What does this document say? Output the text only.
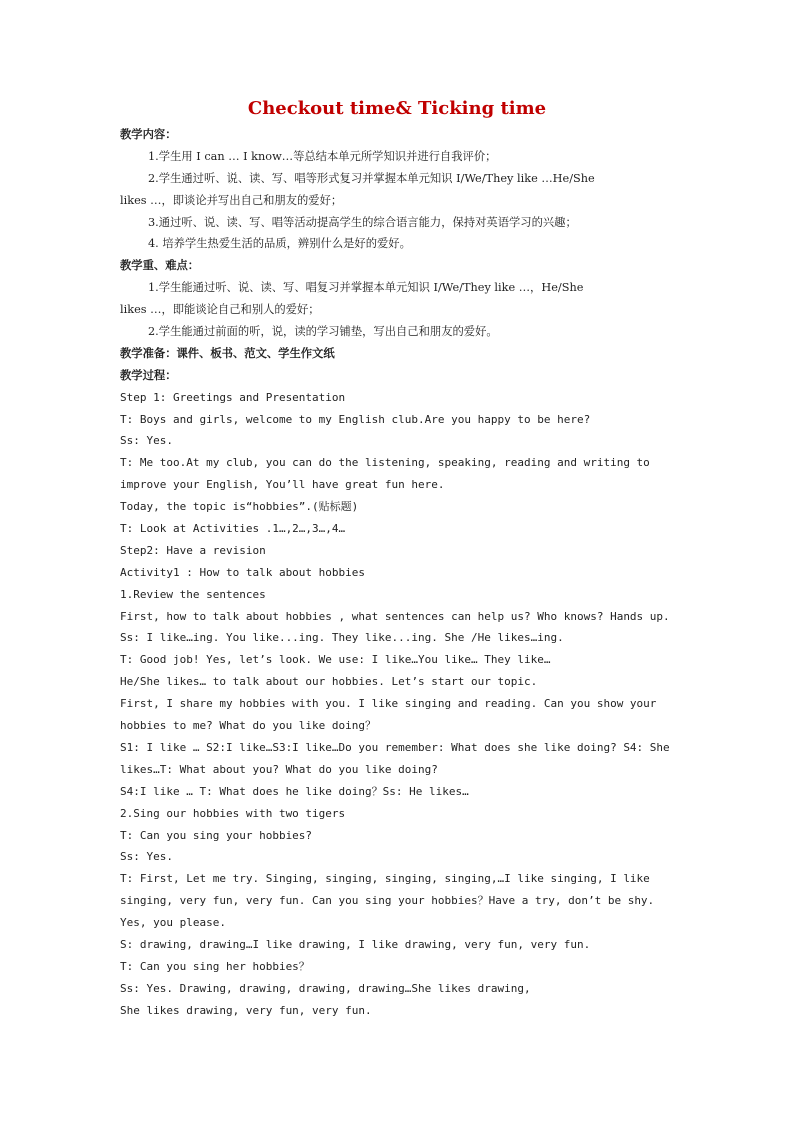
Checkout time& Ticking time
教学内容：
1.学生用 I can … I know…等总结本单元所学知识并进行自我评价；
2.学生通过听、说、读、写、唱等形式复习并掌握本单元知识 I/We/They like …He/She
likes …，即谈论并写出自己和朋友的爱好；
3.通过听、说、读、写、唱等活动提高学生的综合语言能力，保持对英语学习的兴趣；
4. 培养学生热爱生活的品质，辨别什么是好的爱好。
教学重、难点：
1.学生能通过听、说、读、写、唱复习并掌握本单元知识 I/We/They like …，He/She
likes …，即能谈论自己和别人的爱好；
2.学生能通过前面的听，说，读的学习铺垫，写出自己和朋友的爱好。
教学准备：课件、板书、范文、学生作文纸
教学过程：
Step 1: Greetings and Presentation
T: Boys and girls, welcome to my English club.Are you happy to be here?
Ss: Yes.
T: Me too.At my club, you can do the listening, speaking, reading and writing to
improve your English, You’ll have great fun here.
Today, the topic is“hobbies”.(贴标题)
T: Look at Activities .1…,2…,3…,4…
Step2: Have a revision
Activity1 : How to talk about hobbies
1.Review the sentences
First, how to talk about hobbies , what sentences can help us? Who knows? Hands up.
Ss: I like…ing. You like...ing. They like...ing. She /He likes…ing.
T: Good job! Yes, let’s look. We use: I like…You like… They like…
He/She likes… to talk about our hobbies. Let’s start our topic.
First, I share my hobbies with you. I like singing and reading. Can you show your
hobbies to me? What do you like doing？
S1: I like … S2:I like…S3:I like…Do you remember: What does she like doing? S4: She
likes…T: What about you? What do you like doing?
S4:I like … T: What does he like doing？Ss: He likes…
2.Sing our hobbies with two tigers
T: Can you sing your hobbies?
Ss: Yes.
T: First, Let me try. Singing, singing, singing, singing,…I like singing, I like
singing, very fun, very fun. Can you sing your hobbies？Have a try, don’t be shy.
Yes, you please.
S: drawing, drawing…I like drawing, I like drawing, very fun, very fun.
T: Can you sing her hobbies？
Ss: Yes. Drawing, drawing, drawing, drawing…She likes drawing,
She likes drawing, very fun, very fun.
